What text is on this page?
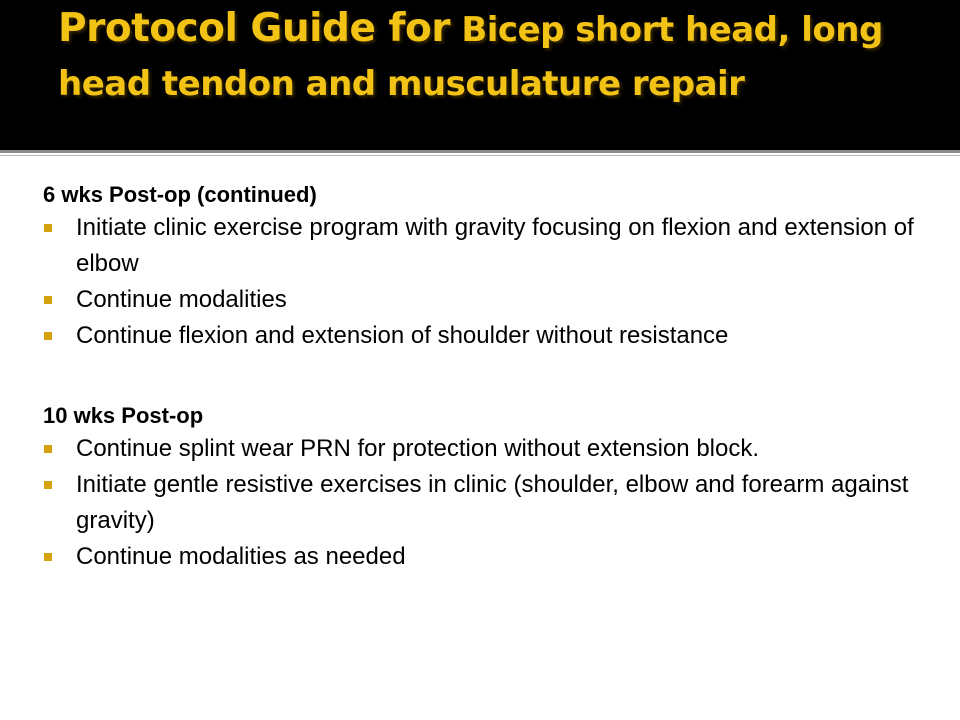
Protocol Guide for Bicep short head, long head tendon and musculature repair

6 wks Post-op (continued)

Initiate clinic exercise program with gravity focusing on flexion and extension of elbow
Continue modalities
Continue flexion and extension of shoulder without resistance

10 wks Post-op

Continue splint wear PRN for protection without extension block.
Initiate gentle resistive exercises in clinic (shoulder, elbow and forearm against gravity)
Continue modalities as needed
